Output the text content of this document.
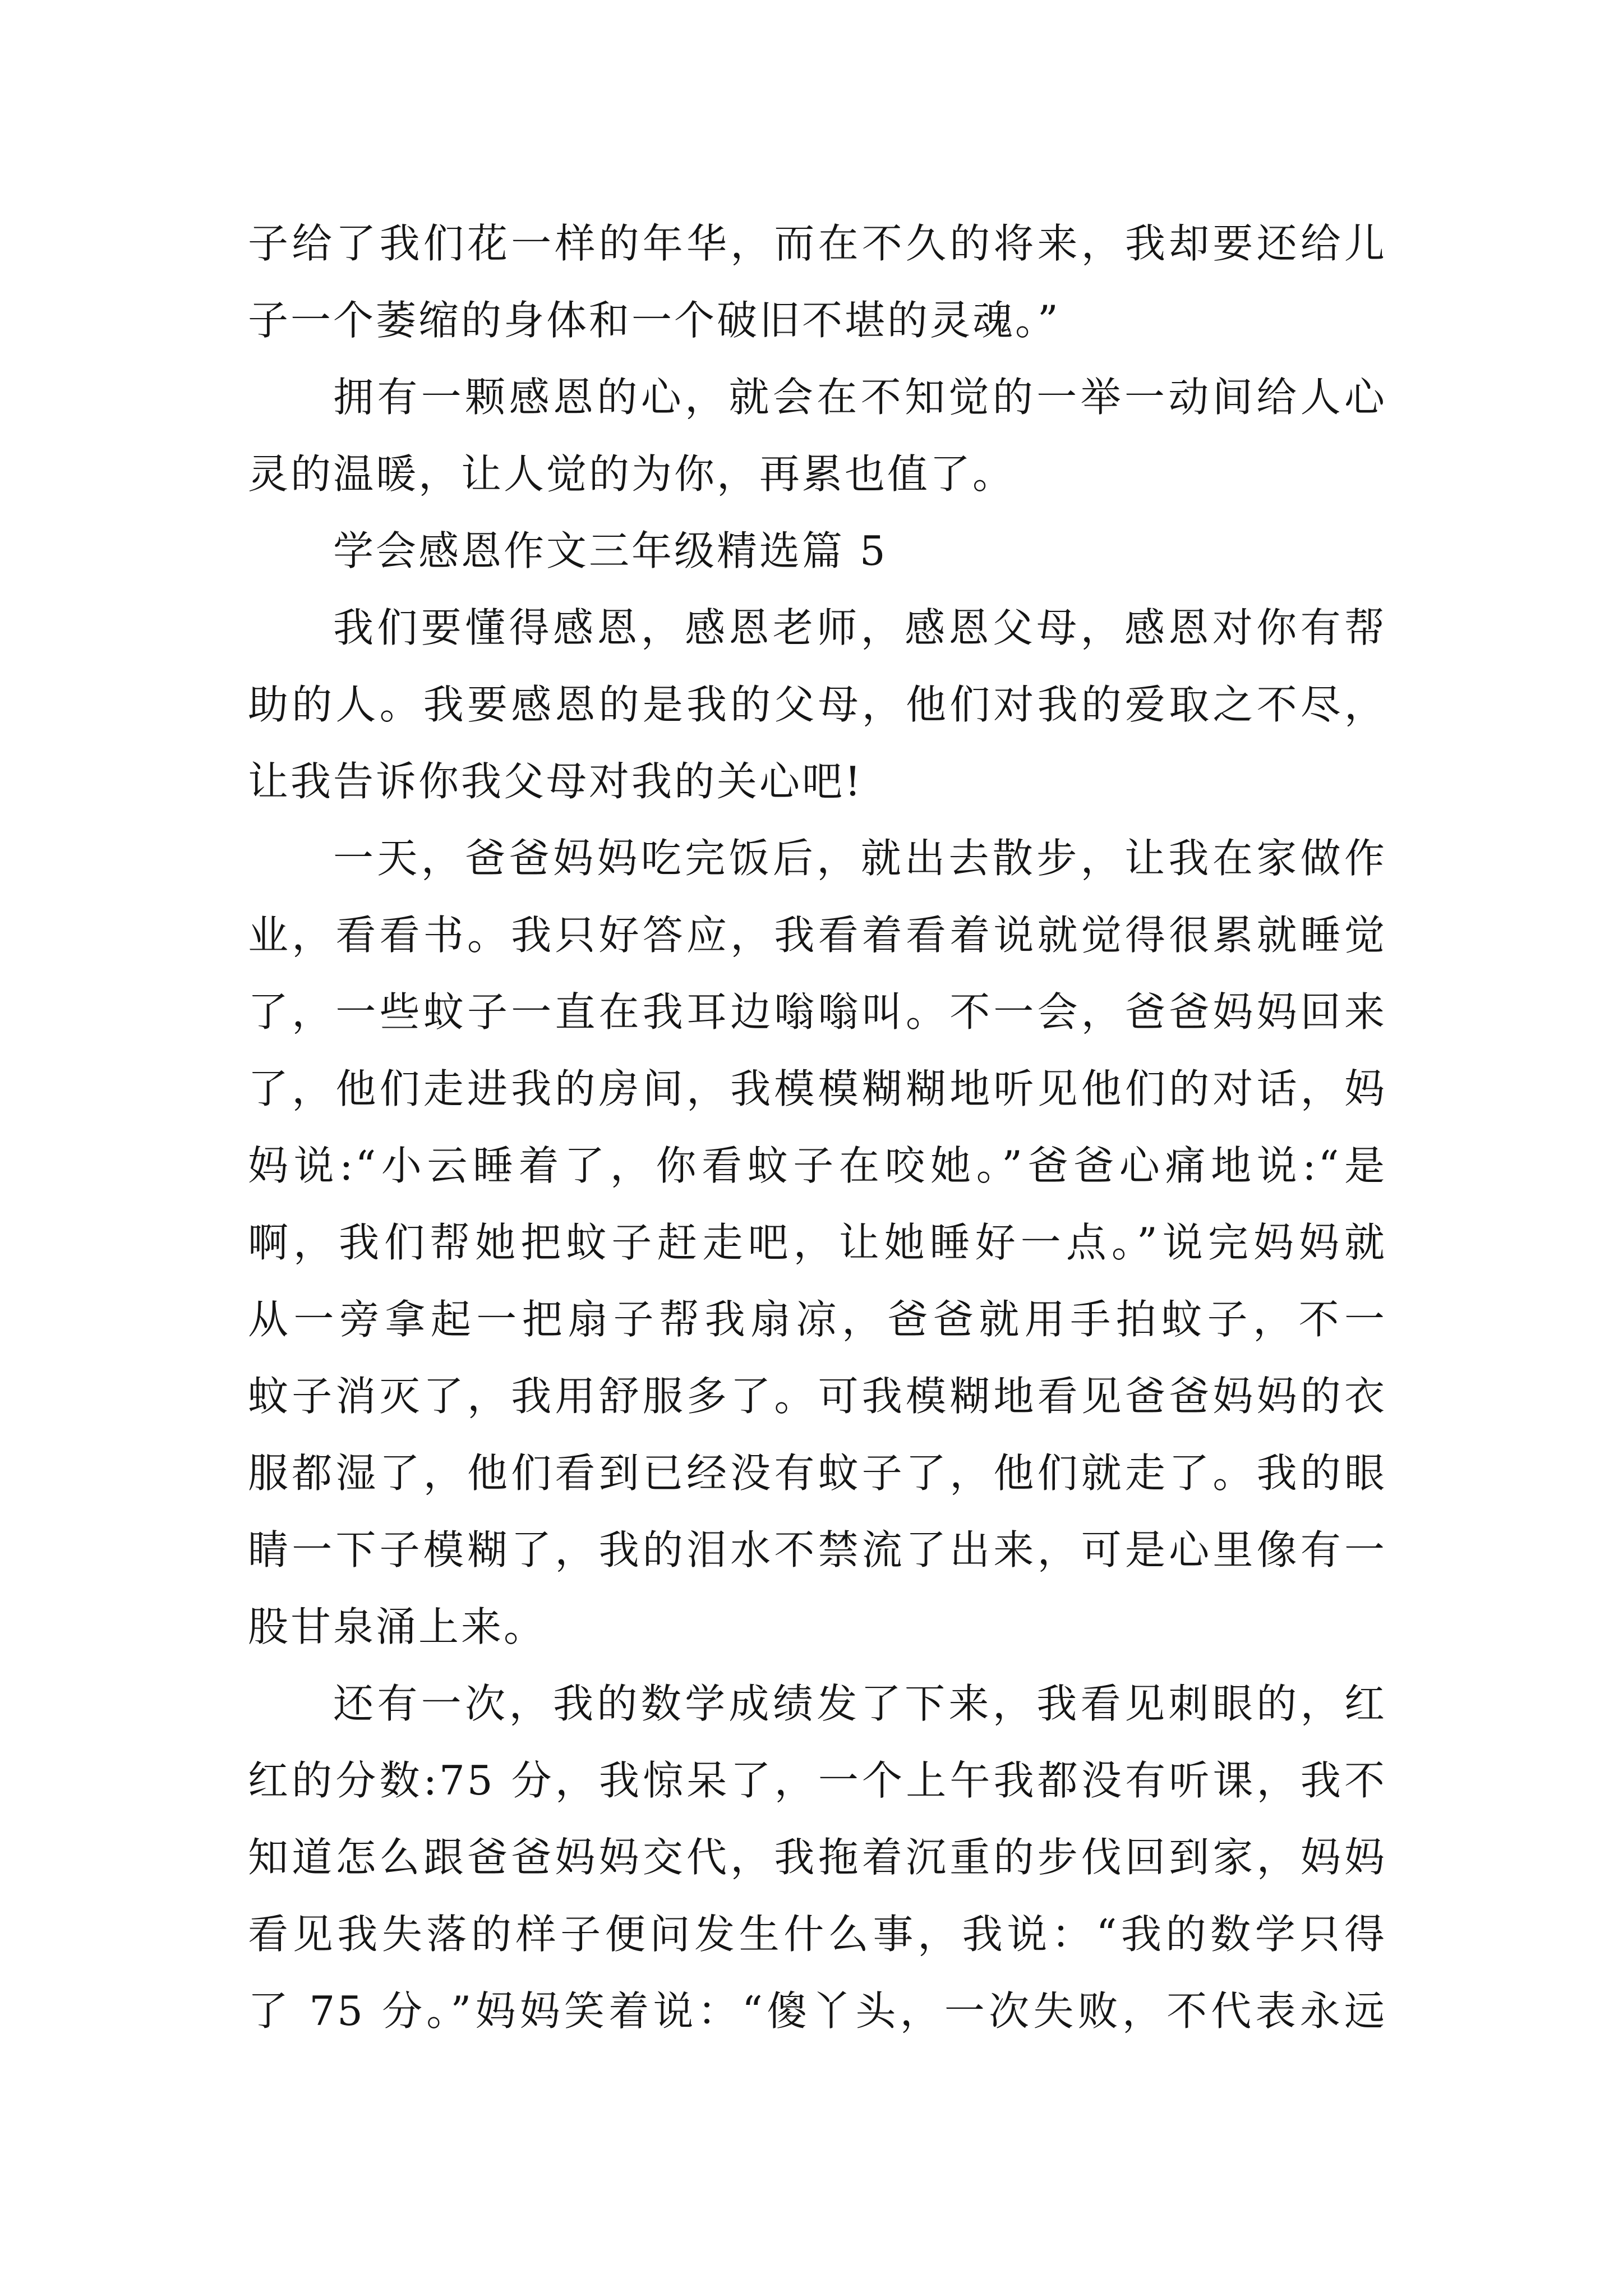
子给了我们花一样的年华，而在不久的将来，我却要还给儿
子一个萎缩的身体和一个破旧不堪的灵魂。”
拥有一颗感恩的心，就会在不知觉的一举一动间给人心
灵的温暖，让人觉的为你，再累也值了。
学会感恩作文三年级精选篇 5
我们要懂得感恩，感恩老师，感恩父母，感恩对你有帮
助的人。我要感恩的是我的父母，他们对我的爱取之不尽，
让我告诉你我父母对我的关心吧!
一天，爸爸妈妈吃完饭后，就出去散步，让我在家做作
业，看看书。我只好答应，我看着看着说就觉得很累就睡觉
了，一些蚊子一直在我耳边嗡嗡叫。不一会，爸爸妈妈回来
了，他们走进我的房间，我模模糊糊地听见他们的对话，妈
妈说:“小云睡着了，你看蚊子在咬她。”爸爸心痛地说:“是
啊，我们帮她把蚊子赶走吧，让她睡好一点。”说完妈妈就
从一旁拿起一把扇子帮我扇凉，爸爸就用手拍蚊子，不一
蚊子消灭了，我用舒服多了。可我模糊地看见爸爸妈妈的衣
服都湿了，他们看到已经没有蚊子了，他们就走了。我的眼
睛一下子模糊了，我的泪水不禁流了出来，可是心里像有一
股甘泉涌上来。
还有一次，我的数学成绩发了下来，我看见刺眼的，红
红的分数:75 分，我惊呆了，一个上午我都没有听课，我不
知道怎么跟爸爸妈妈交代，我拖着沉重的步伐回到家，妈妈
看见我失落的样子便问发生什么事，我说：“我的数学只得
了 75 分。”妈妈笑着说：“傻丫头，一次失败，不代表永远
